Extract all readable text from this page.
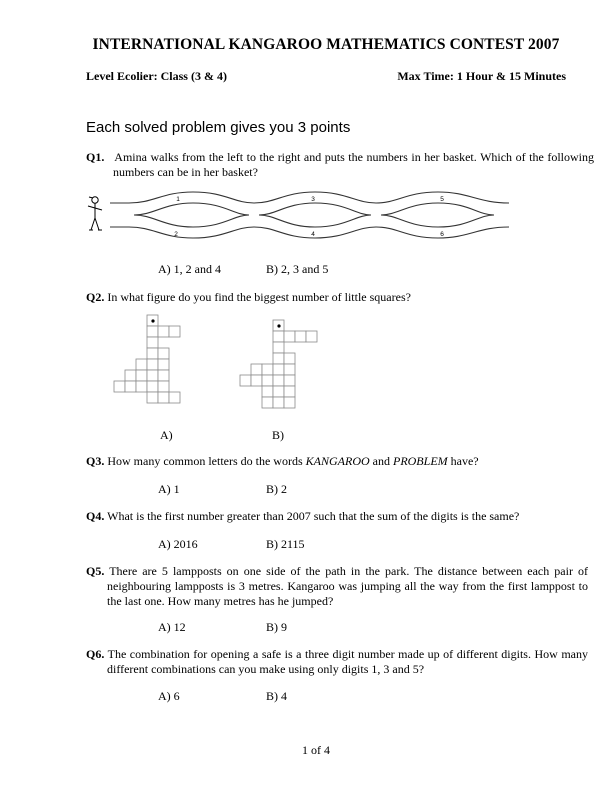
INTERNATIONAL KANGAROO MATHEMATICS CONTEST 2007
Level Ecolier: Class (3 & 4)	Max Time: 1 Hour & 15 Minutes
Each solved problem gives you 3 points
Q1. Amina walks from the left to the right and puts the numbers in her basket. Which of the following numbers can be in her basket?
1
2
3
4
5
6
A) 1, 2 and 4	B) 2, 3 and 5
Q2. In what figure do you find the biggest number of little squares?
A)	B)
Q3. How many common letters do the words KANGAROO and PROBLEM have?
A) 1	B) 2
Q4. What is the first number greater than 2007 such that the sum of the digits is the same?
A) 2016	B) 2115
Q5. There are 5 lampposts on one side of the path in the park. The distance between each pair of neighbouring lampposts is 3 metres. Kangaroo was jumping all the way from the first lamppost to the last one. How many metres has he jumped?
A) 12	B) 9
Q6. The combination for opening a safe is a three digit number made up of different digits. How many different combinations can you make using only digits 1, 3 and 5?
A) 6	B) 4
1 of 4
